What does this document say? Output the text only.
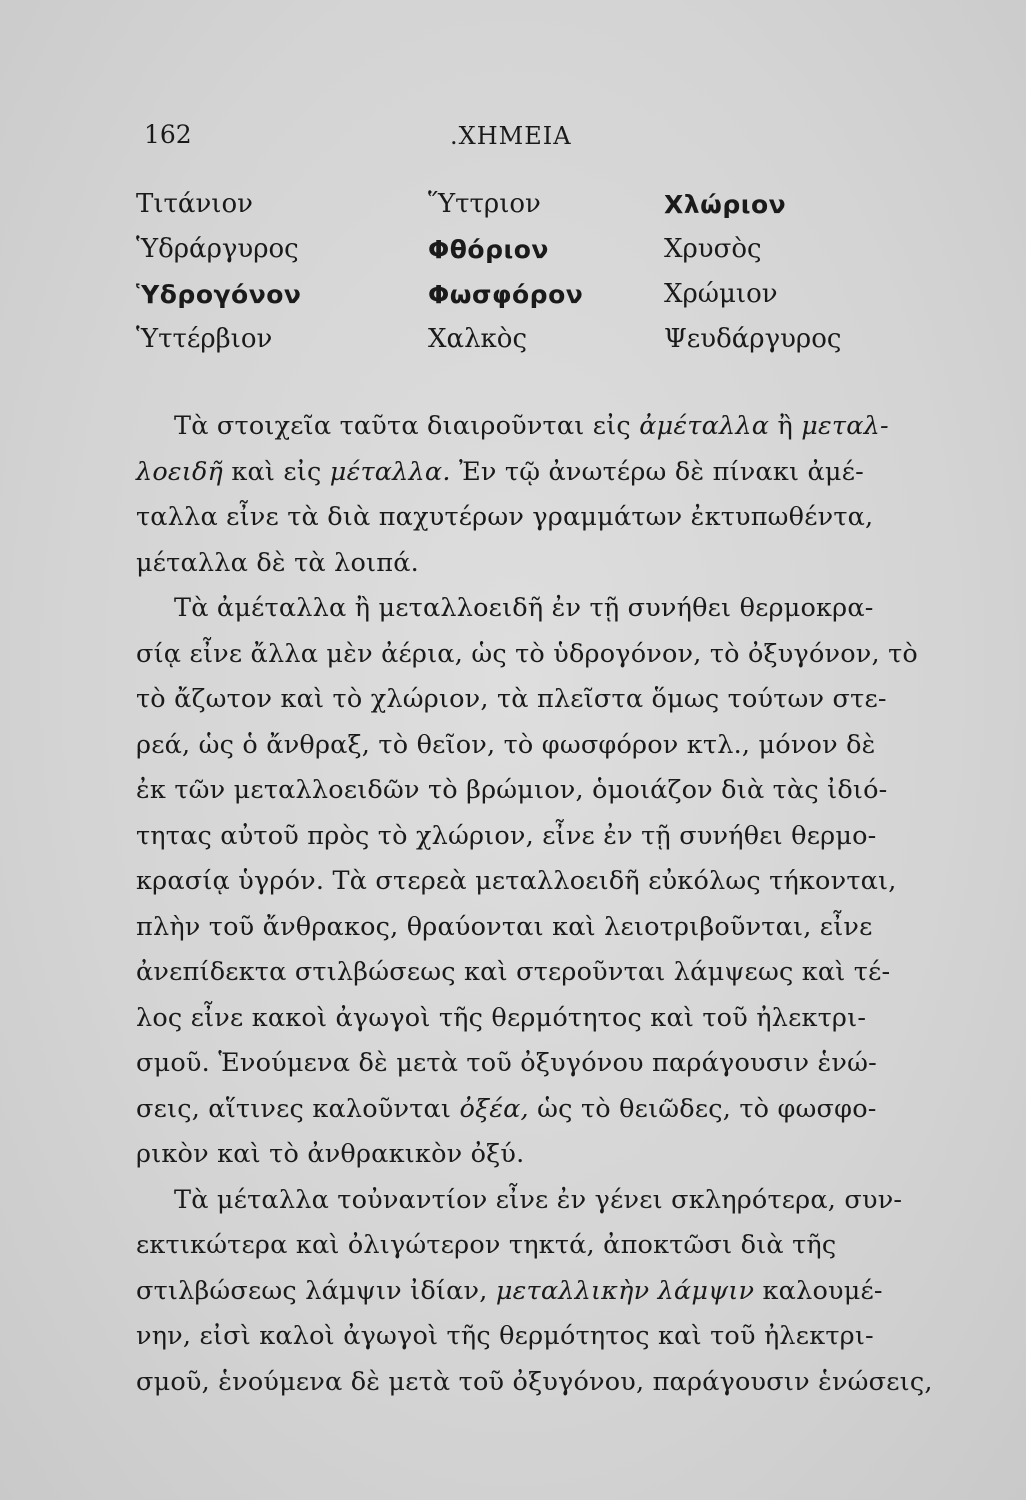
162	.ΧΗΜΕΙΑ
Τιτάνιον
Ὑδράργυρος
Ὑδρογόνον
Ὑττέρβιον
Ὕττριον
Φθόριον
Φωσφόρον
Χαλκὸς
Χλώριον
Χρυσὸς
Χρώμιον
Ψευδάργυρος
Τὰ στοιχεῖα ταῦτα διαιροῦνται εἰς ἀμέταλλα ἢ μεταλ-
λοειδῆ καὶ εἰς μέταλλα. Ἐν τῷ ἀνωτέρω δὲ πίνακι ἀμέ-
ταλλα εἶνε τὰ διὰ παχυτέρων γραμμάτων ἐκτυπωθέντα,
μέταλλα δὲ τὰ λοιπά.
Τὰ ἀμέταλλα ἢ μεταλλοειδῆ ἐν τῇ συνήθει θερμοκρα-
σίᾳ εἶνε ἄλλα μὲν ἀέρια, ὡς τὸ ὑδρογόνον, τὸ ὀξυγόνον, τὸ
τὸ ἄζωτον καὶ τὸ χλώριον, τὰ πλεῖστα ὅμως τούτων στε-
ρεά, ὡς ὁ ἄνθραξ, τὸ θεῖον, τὸ φωσφόρον κτλ., μόνον δὲ
ἐκ τῶν μεταλλοειδῶν τὸ βρώμιον, ὁμοιάζον διὰ τὰς ἰδιό-
τητας αὐτοῦ πρὸς τὸ χλώριον, εἶνε ἐν τῇ συνήθει θερμο-
κρασίᾳ ὑγρόν. Τὰ στερεὰ μεταλλοειδῆ εὐκόλως τήκονται,
πλὴν τοῦ ἄνθρακος, θραύονται καὶ λειοτριβοῦνται, εἶνε
ἀνεπίδεκτα στιλβώσεως καὶ στεροῦνται λάμψεως καὶ τέ-
λος εἶνε κακοὶ ἀγωγοὶ τῆς θερμότητος καὶ τοῦ ἠλεκτρι-
σμοῦ. Ἑνούμενα δὲ μετὰ τοῦ ὀξυγόνου παράγουσιν ἑνώ-
σεις, αἵτινες καλοῦνται ὀξέα, ὡς τὸ θειῶδες, τὸ φωσφο-
ρικὸν καὶ τὸ ἀνθρακικὸν ὀξύ.
Τὰ μέταλλα τοὐναντίον εἶνε ἐν γένει σκληρότερα, συν-
εκτικώτερα καὶ ὀλιγώτερον τηκτά, ἀποκτῶσι διὰ τῆς
στιλβώσεως λάμψιν ἰδίαν, μεταλλικὴν λάμψιν καλουμέ-
νην, εἰσὶ καλοὶ ἀγωγοὶ τῆς θερμότητος καὶ τοῦ ἠλεκτρι-
σμοῦ, ἑνούμενα δὲ μετὰ τοῦ ὀξυγόνου, παράγουσιν ἑνώσεις,
